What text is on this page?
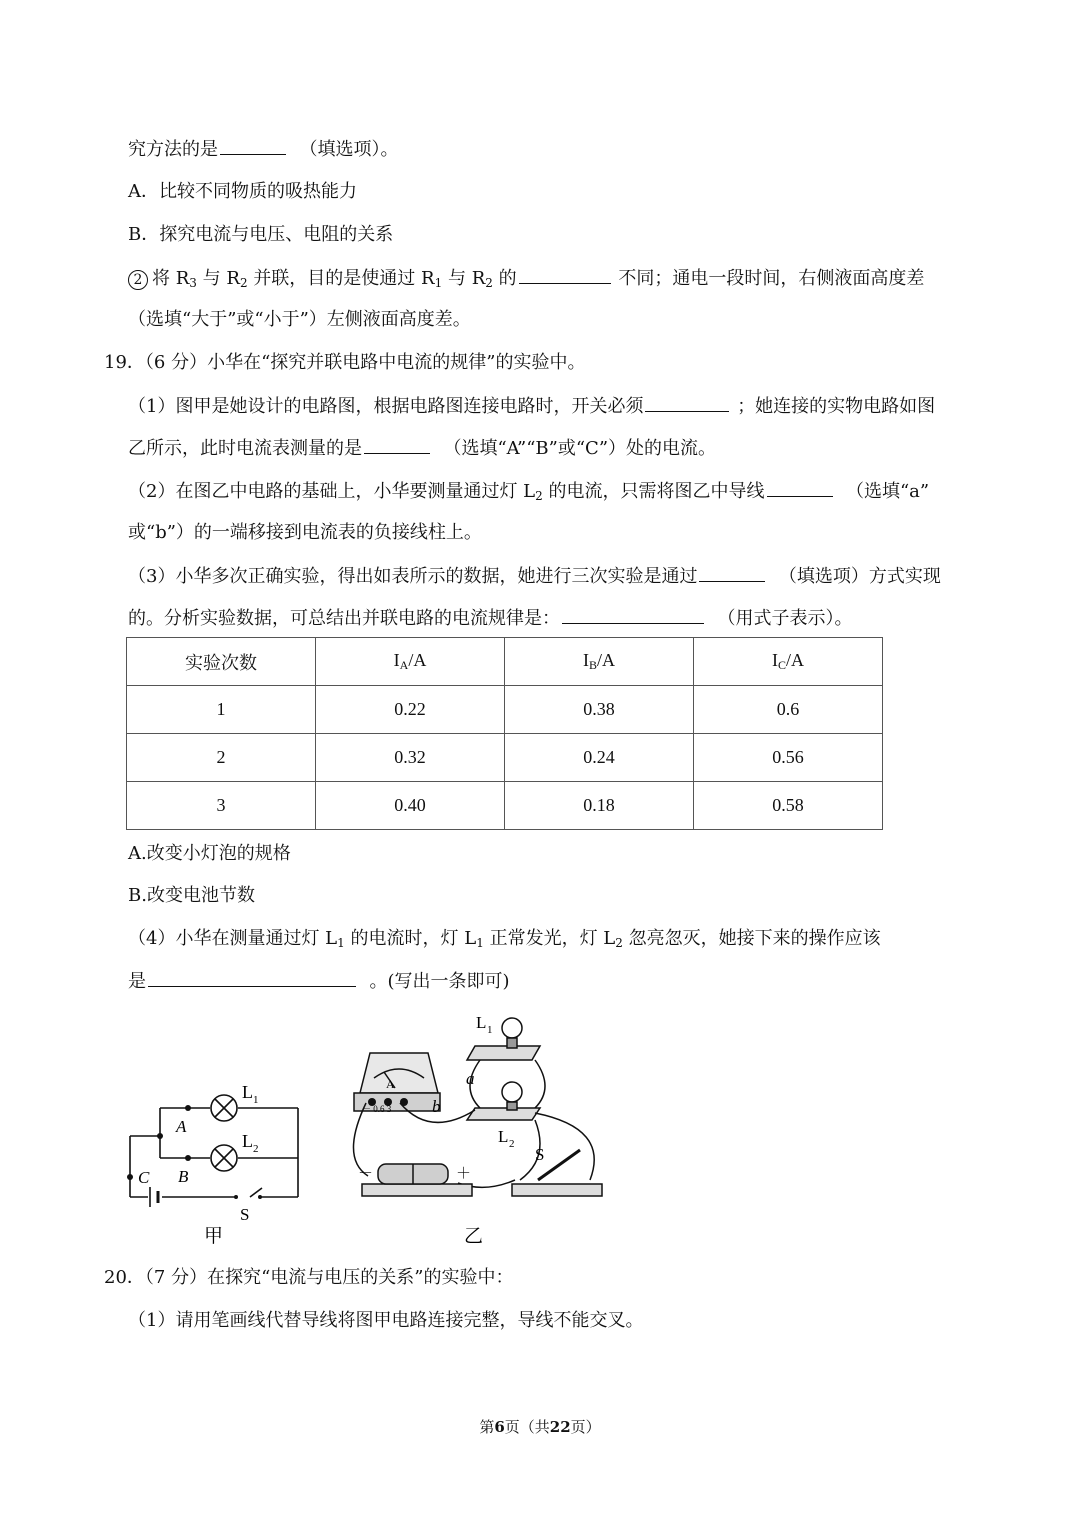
究方法的是	（填选项）。
A．比较不同物质的吸热能力
B．探究电流与电压、电阻的关系
2 将 $R_3$ 与 $R_2$ 并联，目的是使通过 $R_1$ 与 $R_2$ 的	不同；通电一段时间，右侧液面高度差
（选填“大于”或“小于”）左侧液面高度差。
19．（6 分）小华在“探究并联电路中电流的规律”的实验中。
（1）图甲是她设计的电路图，根据电路图连接电路时，开关必须	；她连接的实物电路如图
乙所示，此时电流表测量的是	（选填“A”“B”或“C”）处的电流。
（2）在图乙中电路的基础上，小华要测量通过灯 $L_2$ 的电流，只需将图乙中导线	（选填“a”
或“b”）的一端移接到电流表的负接线柱上。
（3）小华多次正确实验，得出如表所示的数据，她进行三次实验是通过	（填选项）方式实现
的。分析实验数据，可总结出并联电路的电流规律是：	（用式子表示）。
实验次数	$I_A/A$	$I_B/A$	$I_C/A$
1	0.22	0.38	0.6
2	0.32	0.24	0.56
3	0.40	0.18	0.58
A.改变小灯泡的规格
B.改变电池节数
（4）小华在测量通过灯 $L_1$ 的电流时，灯 $L_1$ 正常发光，灯 $L_2$ 忽亮忽灭，她接下来的操作应该
是	。(写出一条即可)
L 1
L 2
A
B
C
S
甲
A
－ 0.6 3
L 1
L 2
a
b
S
－	＋
乙
20．（7 分）在探究“电流与电压的关系”的实验中：
（1）请用笔画线代替导线将图甲电路连接完整，导线不能交叉。
第6页（共22页）
